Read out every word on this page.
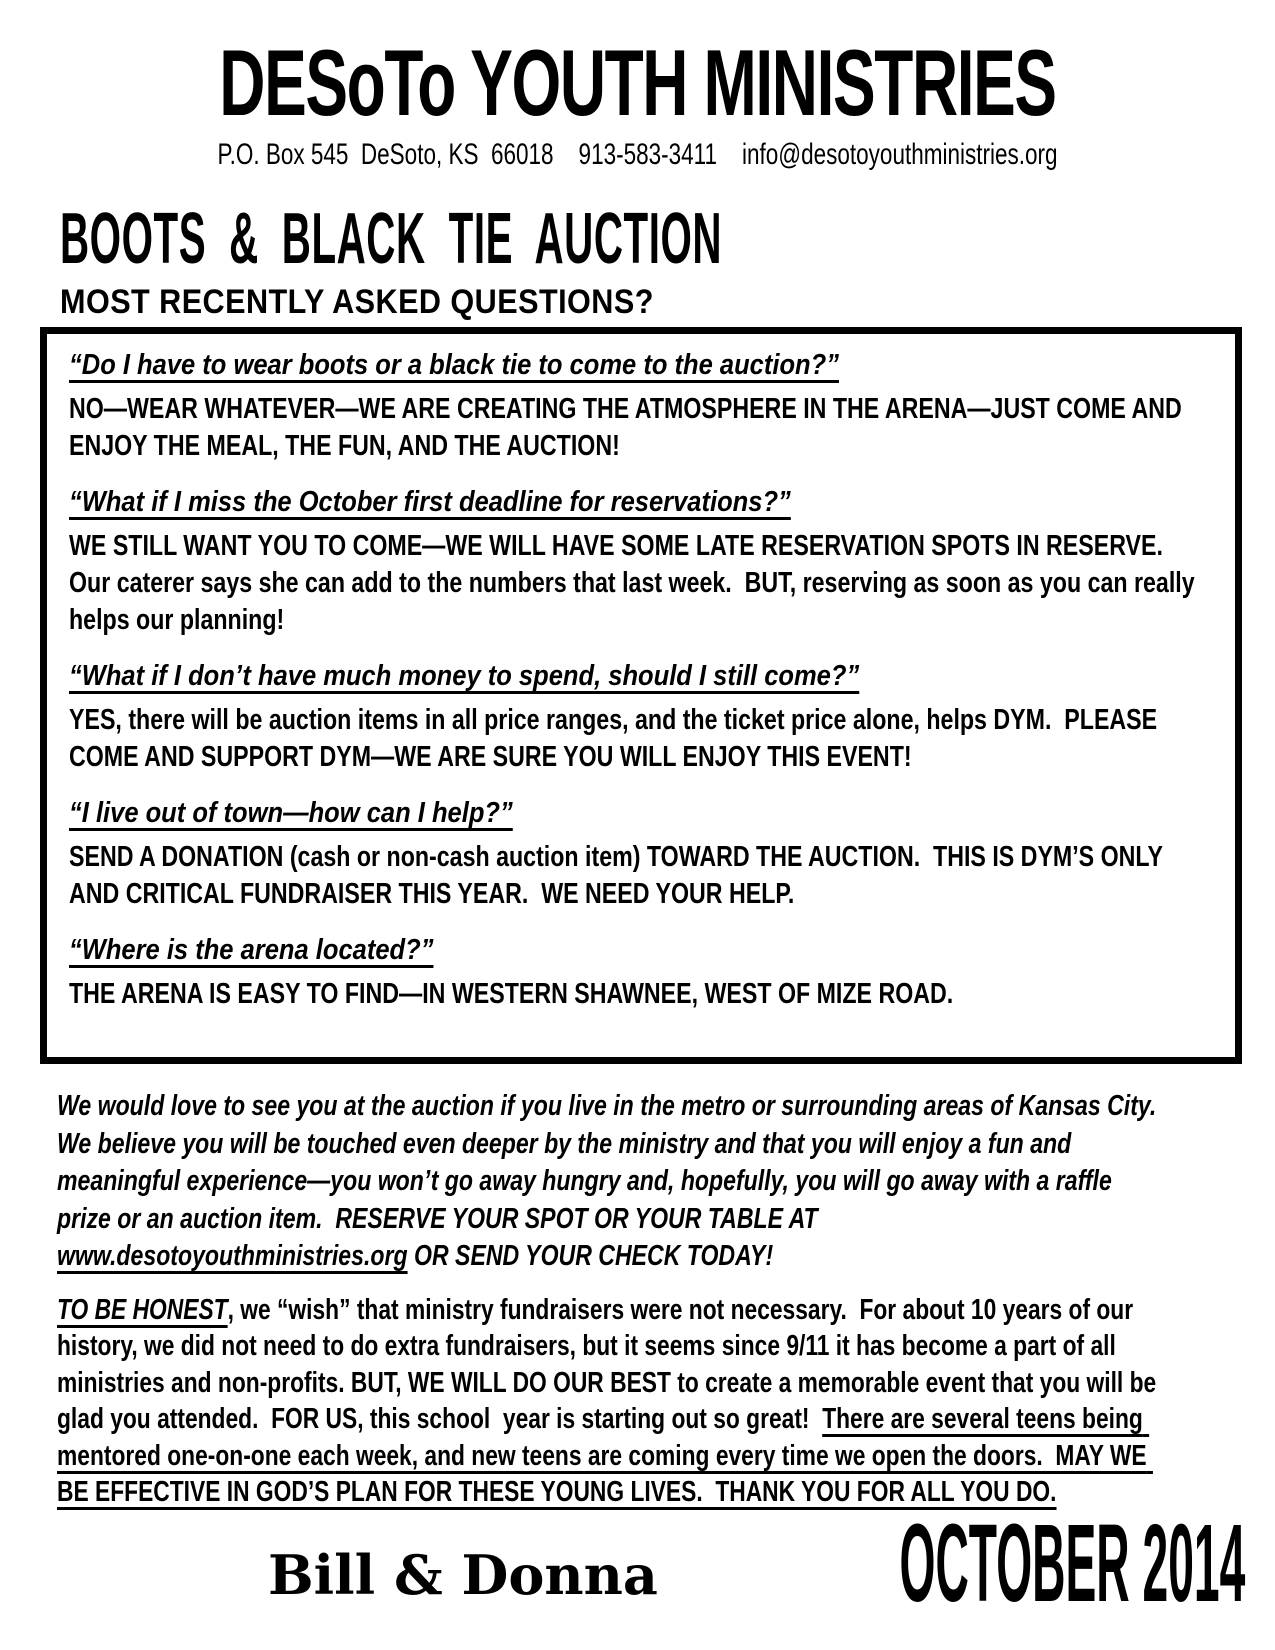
DESoTo YOUTH MINISTRIES
P.O. Box 545  DeSoto, KS  66018    913-583-3411    info@desotoyouthministries.org
BOOTS & BLACK TIE AUCTION
MOST RECENTLY ASKED QUESTIONS?

“Do I have to wear boots or a black tie to come to the auction?”

NO—WEAR WHATEVER—WE ARE CREATING THE ATMOSPHERE IN THE ARENA—JUST COME AND ENJOY THE MEAL, THE FUN, AND THE AUCTION!

“What if I miss the October first deadline for reservations?”

WE STILL WANT YOU TO COME—WE WILL HAVE SOME LATE RESERVATION SPOTS IN RESERVE.  Our caterer says she can add to the numbers that last week.  BUT, reserving as soon as you can really helps our planning!

“What if I don’t have much money to spend, should I still come?”

YES, there will be auction items in all price ranges, and the ticket price alone, helps DYM.  PLEASE COME AND SUPPORT DYM—WE ARE SURE YOU WILL ENJOY THIS EVENT!

“I live out of town—how can I help?”

SEND A DONATION (cash or non-cash auction item) TOWARD THE AUCTION.  THIS IS DYM’S ONLY AND CRITICAL FUNDRAISER THIS YEAR.  WE NEED YOUR HELP.

“Where is the arena located?”

THE ARENA IS EASY TO FIND—IN WESTERN SHAWNEE, WEST OF MIZE ROAD.

We would love to see you at the auction if you live in the metro or surrounding areas of Kansas City.  We believe you will be touched even deeper by the ministry and that you will enjoy a fun and meaningful experience—you won’t go away hungry and, hopefully, you will go away with a raffle prize or an auction item.  RESERVE YOUR SPOT OR YOUR TABLE AT www.desotoyouthministries.org OR SEND YOUR CHECK TODAY!

TO BE HONEST, we “wish” that ministry fundraisers were not necessary.  For about 10 years of our history, we did not need to do extra fundraisers, but it seems since 9/11 it has become a part of all ministries and non-profits. BUT, WE WILL DO OUR BEST to create a memorable event that you will be glad you attended.  FOR US, this school  year is starting out so great!  There are several teens being mentored one-on-one each week, and new teens are coming every time we open the doors.  MAY WE BE EFFECTIVE IN GOD’S PLAN FOR THESE YOUNG LIVES.  THANK YOU FOR ALL YOU DO.

Bill & Donna OCTOBER 2014
